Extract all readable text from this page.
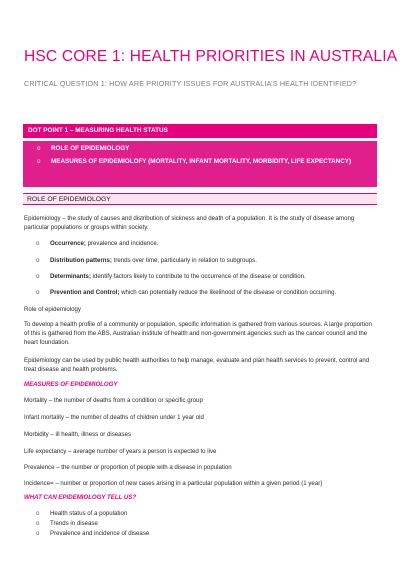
HSC CORE 1: HEALTH PRIORITIES IN AUSTRALIA
CRITICAL QUESTION 1: HOW ARE PRIORITY ISSUES FOR AUSTRALIA’S HEALTH IDENTIFIED?
DOT POINT 1 – MEASURING HEALTH STATUS
o ROLE OF EPIDEMIOLOGY
o MEASURES OF EPIDEMIOLOFY (MORTALITY, INFANT MORTALITY, MORBIDITY, LIFE EXPECTANCY)
ROLE OF EPIDEMIOLOGY
Epidemiology – the study of causes and distribution of sickness and death of a population. It is the study of disease among particular populations or groups within society.
o Occurrence; prevalence and incidence.
o Distribution patterns; trends over time, particularly in relation to subgroups.
o Determinants; identify factors likely to contribute to the occurrence of the disease or condition.
o Prevention and Control; which can potentially reduce the likelihood of the disease or condition occurring.
Role of epidemiology
To develop a health profile of a community or population, specific information is gathered from various sources. A large proportion of this is gathered from the ABS, Australian institute of health and non-government agencies such as the cancer council and the heart foundation.
Epidemiology can be used by public health authorities to help manage, evaluate and plan health services to prevent, control and treat disease and health problems.
MEASURES OF EPIDEMIOLOGY
Mortality – the number of deaths from a condition or specific group
Infant mortality – the number of deaths of children under 1 year old
Morbidity – ill health, illness or diseases
Life expectancy – average number of years a person is expected to live
Prevalence – the number or proportion of people with a disease in population
Incidence= – number or proportion of new cases arising in a particular population within a given period (1 year)
WHAT CAN EPIDEMIOLOGY TELL US?
o Health status of a population
o Trends in disease
o Prevalence and incidence of disease
